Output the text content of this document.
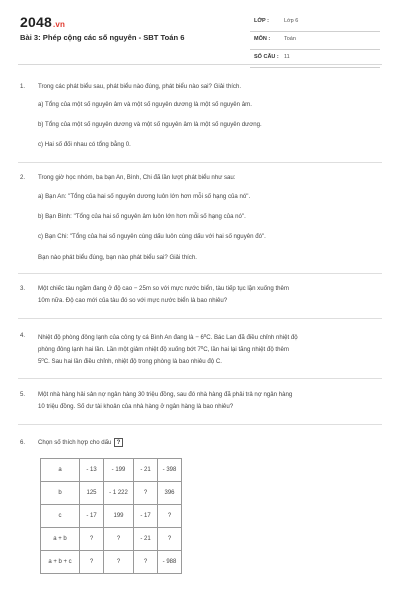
2048.vn
Bài 3: Phép cộng các số nguyên - SBT Toán 6
LỚP :	Lớp 6
MÔN :	Toán
SỐ CÂU : 11
1. Trong các phát biểu sau, phát biểu nào đúng, phát biểu nào sai? Giải thích.
a) Tổng của một số nguyên âm và một số nguyên dương là một số nguyên âm.
b) Tổng của một số nguyên dương và một số nguyên âm là một số nguyên dương.
c) Hai số đối nhau có tổng bằng 0.
2. Trong giờ học nhóm, ba bạn An, Bình, Chi đã lần lượt phát biểu như sau:
a) Bạn An: "Tổng của hai số nguyên dương luôn lớn hơn mỗi số hạng của nó".
b) Bạn Bình: "Tổng của hai số nguyên âm luôn lớn hơn mỗi số hạng của nó".
c) Bạn Chi: "Tổng của hai số nguyên cùng dấu luôn cùng dấu với hai số nguyên đó".
Bạn nào phát biểu đúng, bạn nào phát biểu sai? Giải thích.
3. Một chiếc tàu ngầm đang ở độ cao − 25m so với mực nước biển, tàu tiếp tục lặn xuống thêm
10m nữa. Độ cao mới của tàu đó so với mực nước biển là bao nhiêu?
4. Nhiệt độ phòng đông lạnh của công ty cá Bình An đang là − $6^0C$. Bác Lan đã điều chỉnh nhiệt độ
phòng đông lạnh hai lần. Lần một giảm nhiệt độ xuống bớt $7^0C$, lần hai lại tăng nhiệt độ thêm
$5^0C$. Sau hai lần điều chỉnh, nhiệt độ trong phòng là bao nhiêu độ C.
5. Một nhà hàng hải sản nợ ngân hàng 30 triệu đồng, sau đó nhà hàng đã phải trả nợ ngân hàng
10 triệu đồng. Số dư tài khoản của nhà hàng ở ngân hàng là bao nhiêu?
6. Chọn số thích hợp cho dấu ?
a	- 13	- 199	- 21	- 398
b	125	- 1 222	?	396
c	- 17	199	- 17	?
a + b	?	?	- 21	?
a + b + c	?	?	?	- 988
